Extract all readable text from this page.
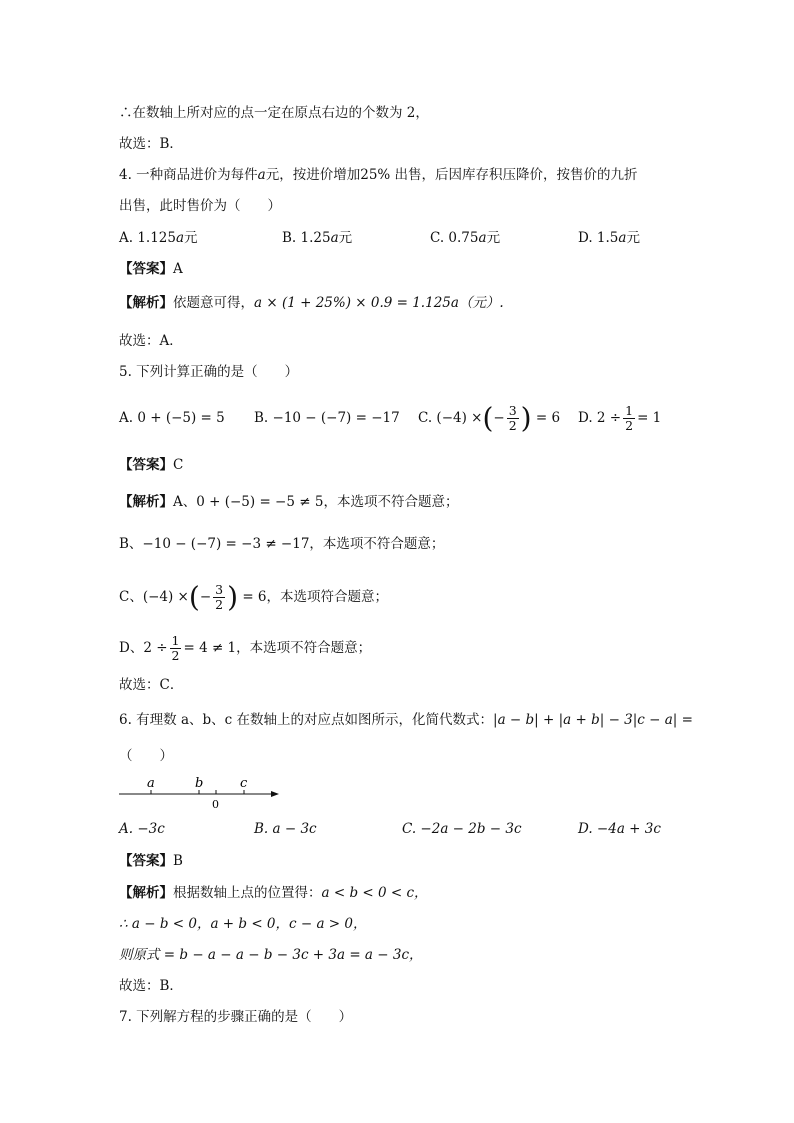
∴在数轴上所对应的点一定在原点右边的个数为 2，
故选：B．
4. 一种商品进价为每件a元，按进价增加25% 出售，后因库存积压降价，按售价的九折
出售，此时售价为（　　）
A. 1.125a元	B. 1.25a元	C. 0.75a元	D. 1.5a元
【答案】A
【解析】依题意可得，a × (1 + 25%) × 0.9 = 1.125a（元）.
故选：A．
5. 下列计算正确的是（　　）
A. 0 + (−5) = 5 B. −10 − (−7) = −17 C. (−4) ×(− $\frac{3}{2}$ ) = 6 D. $2 \div \frac{1}{2} = 1$
【答案】C
【解析】A、0 + (−5) = −5 ≠ 5，本选项不符合题意；
B、−10 − (−7) = −3 ≠ −17，本选项不符合题意；
C、(−4) ×(− $\frac{3}{2}$ ) = 6，本选项符合题意；
D、$2 \div \frac{1}{2} = 4 \ne 1$，本选项不符合题意；
故选：C．
6. 有理数 a、b、c 在数轴上的对应点如图所示，化简代数式：|a − b| + |a + b| − 3|c − a| =
（　　）
a	b	c
0
A. −3c	B. a − 3c	C. −2a − 2b − 3c	D. −4a + 3c
【答案】B
【解析】根据数轴上点的位置得：a < b < 0 < c，
∴ a − b < 0，a + b < 0，c − a > 0，
则原式 = b − a − a − b − 3c + 3a = a − 3c，
故选：B．
7. 下列解方程的步骤正确的是（　　）
